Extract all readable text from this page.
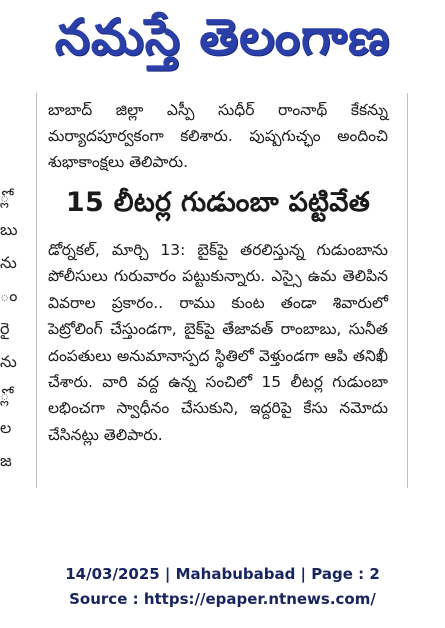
నమస్తే తెలంగాణ
్లో
బు
ను
ం
రై
ను
్లో
ల
జ

బాబాద్ జిల్లా ఎస్పీ సుధీర్ రాంనాథ్ కేకన్ను మర్యాదపూర్వకంగా కలిశారు. పుష్పగుచ్ఛం అందించి శుభాకాంక్షలు తెలిపారు.

15 లీటర్ల గుడుంబా పట్టివేత

డోర్నకల్, మార్చి 13: బైక్‌పై తరలిస్తున్న గుడుంబాను పోలీసులు గురువారం పట్టుకున్నారు. ఎస్సై ఉమ తెలిపిన వివరాల ప్రకారం.. రాము కుంట తండా శివారులో పెట్రోలింగ్ చేస్తుండగా, బైక్‌పై తేజావత్ రాంబాబు, సునీత దంపతులు అనుమానాస్పద స్థితిలో వెళ్తుండగా ఆపి తనిఖీ చేశారు. వారి వద్ద ఉన్న సంచిలో 15 లీటర్ల గుడుంబా లభించగా స్వాధీనం చేసుకుని, ఇద్దరిపై కేసు నమోదు చేసినట్లు తెలిపారు.

14/03/2025 | Mahabubabad | Page : 2
Source : https://epaper.ntnews.com/
